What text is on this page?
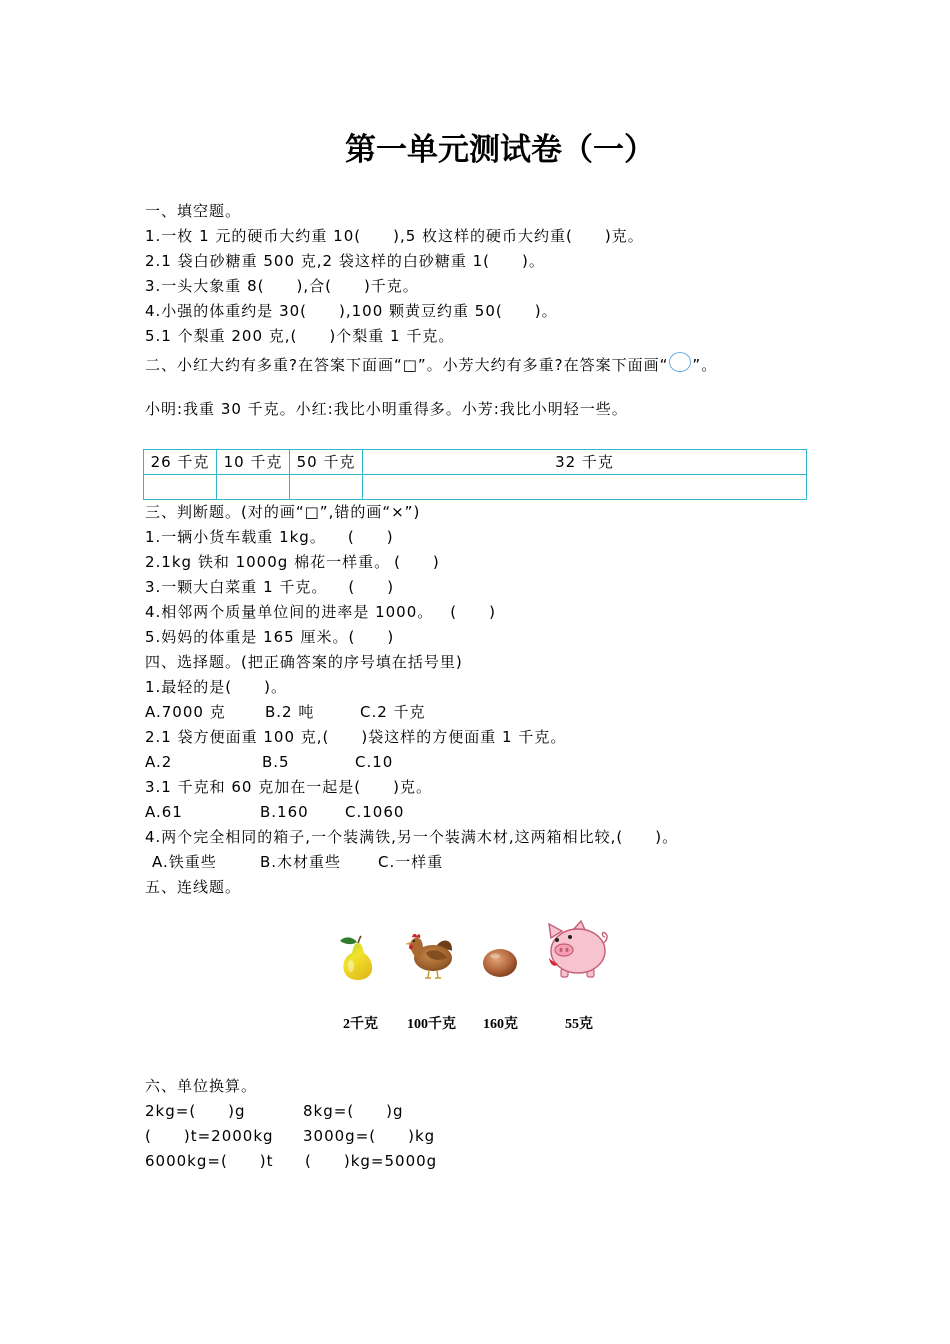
第一单元测试卷（一）
一、填空题。
1.一枚 1 元的硬币大约重 10(　　),5 枚这样的硬币大约重(　　)克。
2.1 袋白砂糖重 500 克,2 袋这样的白砂糖重 1(　　)。
3.一头大象重 8(　　),合(　　)千克。
4.小强的体重约是 30(　　),100 颗黄豆约重 50(　　)。
5.1 个梨重 200 克,(　　)个梨重 1 千克。
二、小红大约有多重?在答案下面画“□”。小芳大约有多重?在答案下面画“ ”。
小明:我重 30 千克。小红:我比小明重得多。小芳:我比小明轻一些。
26 千克	10 千克	50 千克	32 千克

三、判断题。(对的画“□”,错的画“×”)
1.一辆小货车载重 1kg。 (　　)
2.1kg 铁和 1000g 棉花一样重。 (　　)
3.一颗大白菜重 1 千克。 (　　)
4.相邻两个质量单位间的进率是 1000。 (　　)
5.妈妈的体重是 165 厘米。(　　)
四、选择题。(把正确答案的序号填在括号里)
1.最轻的是(　　)。

A.7000 克

	B.2 吨

	C.2 千克

2.1 袋方便面重 100 克,(　　)袋这样的方便面重 1 千克。

A.2

	B.5

	C.10

3.1 千克和 60 克加在一起是(　　)克。

A.61

	B.160

C.1060

4.两个完全相同的箱子,一个装满铁,另一个装满木材,这两箱相比较,(　　)。

A.铁重些

	B.木材重些

C.一样重

五、连线题。
2千克 100千克 160克	55克
六、单位换算。

2kg=(　　)g

	8kg=(　　)g

(　　)t=2000kg

3000g=(　　)kg

6000kg=(　　)t

(　　)kg=5000g
